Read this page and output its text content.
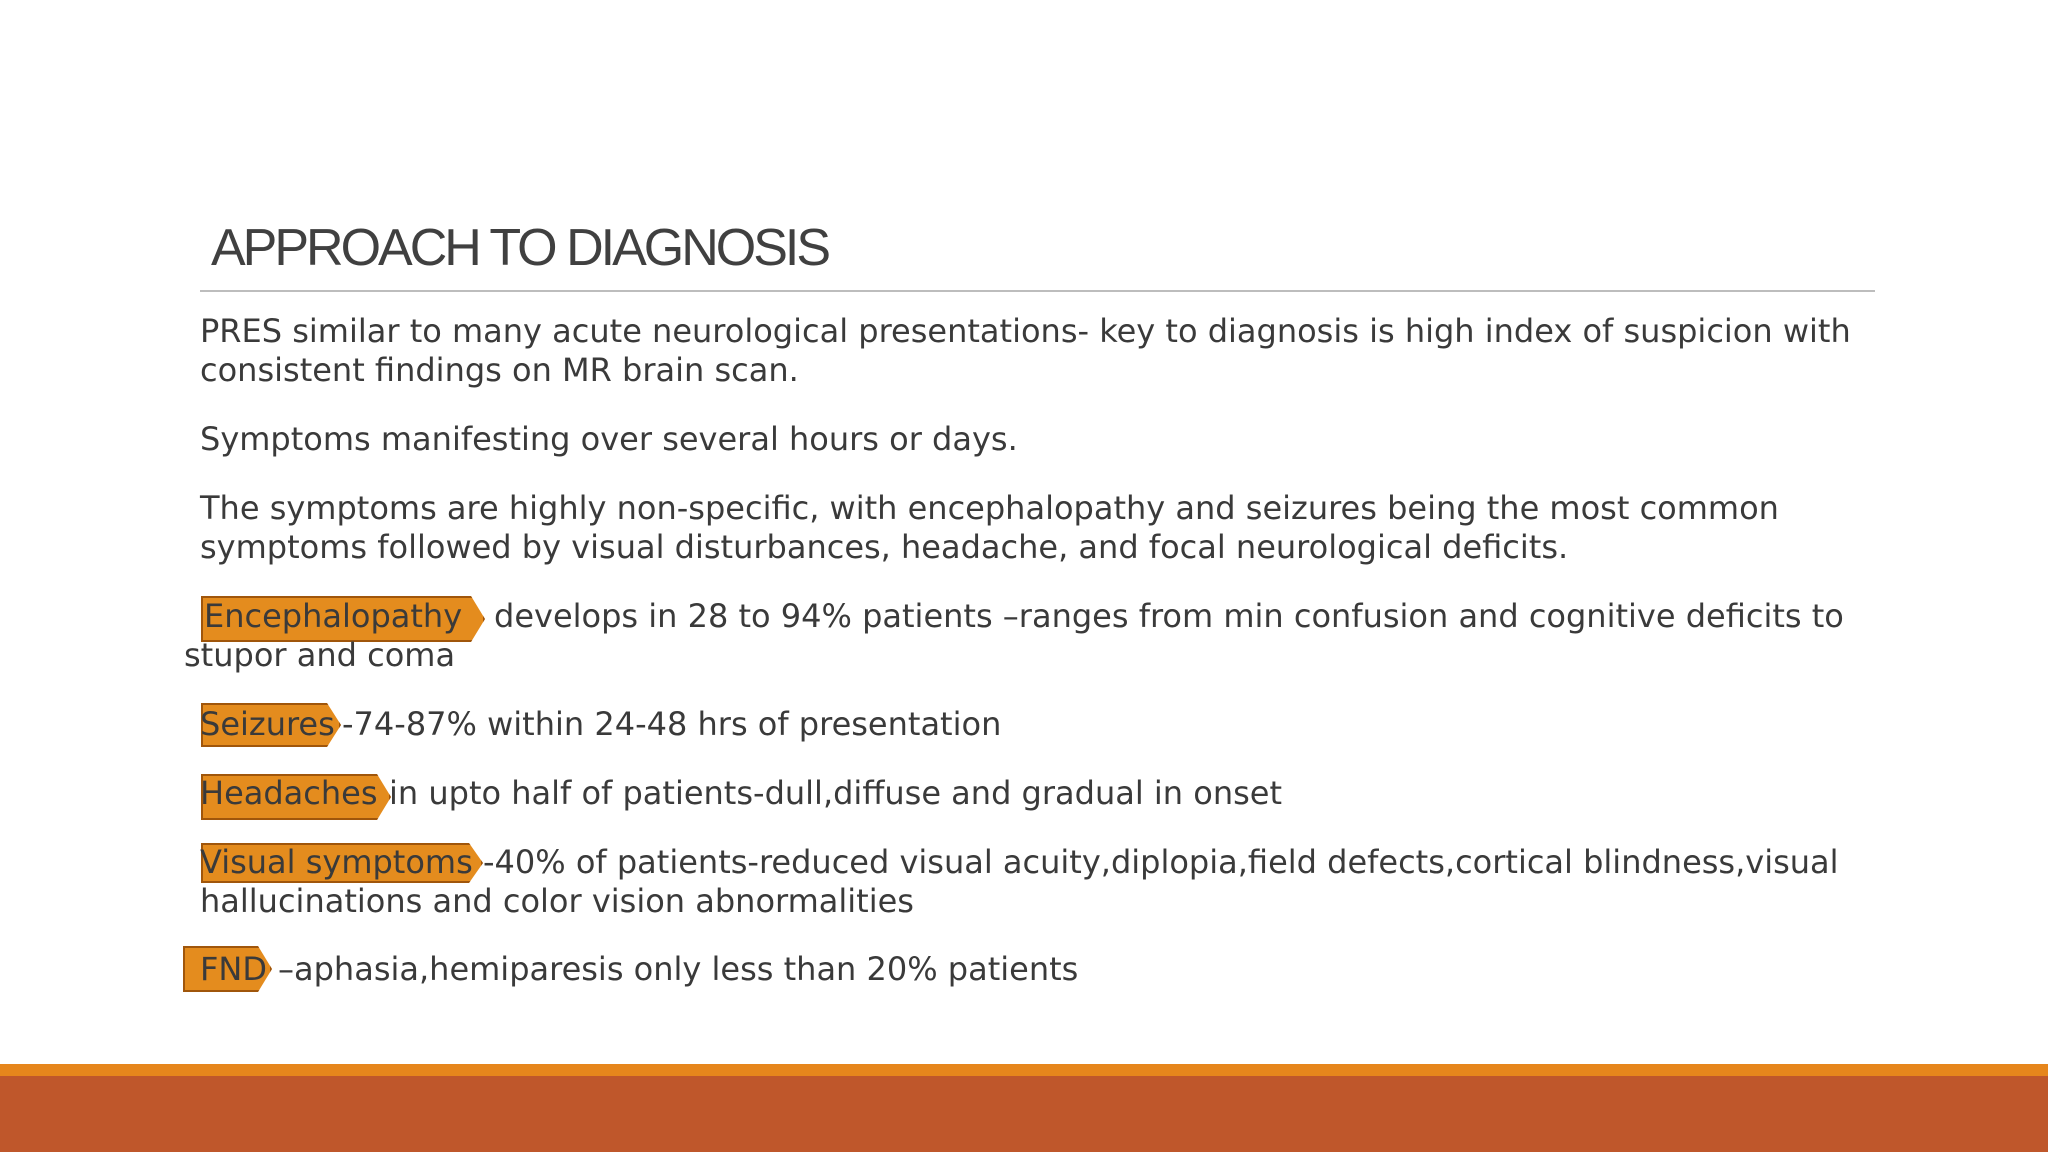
APPROACH TO DIAGNOSIS

PRES similar to many acute neurological presentations- key to diagnosis is high index of suspicion with

consistent findings on MR brain scan.

Symptoms manifesting over several hours or days.

The symptoms are highly non-specific, with encephalopathy and seizures being the most common

symptoms followed by visual disturbances, headache, and focal neurological deficits.

Encephalopathy develops in 28 to 94% patients –ranges from min confusion and cognitive deficits to

stupor and coma

Seizures -74-87% within 24-48 hrs of presentation

Headaches in upto half of patients-dull,diffuse and gradual in onset

Visual symptoms -40% of patients-reduced visual acuity,diplopia,field defects,cortical blindness,visual

hallucinations and color vision abnormalities

FND –aphasia,hemiparesis only less than 20% patients
